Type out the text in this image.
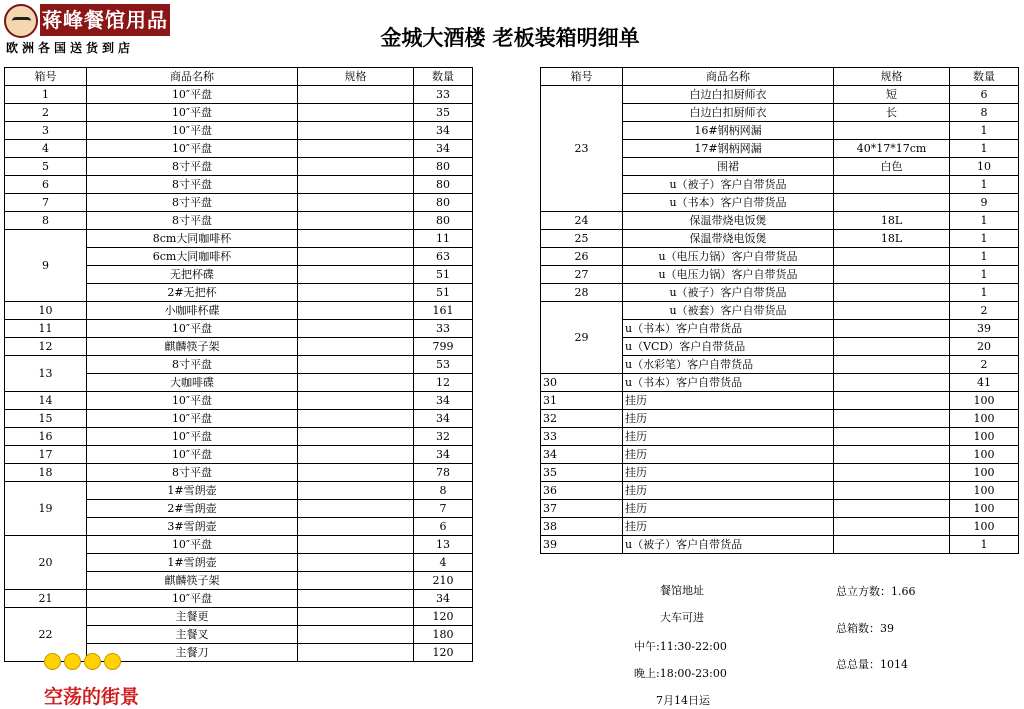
蒋峰餐馆用品
欧洲各国送货到店	金城大酒楼 老板装箱明细单
箱号	商品名称	规格	数量
1	10″平盘		33
2	10″平盘		35
3	10″平盘		34
4	10″平盘		34
5	8寸平盘		80
6	8寸平盘		80
7	8寸平盘		80
8	8寸平盘		80
9	8cm大同咖啡杯		11
	6cm大同咖啡杯		63
	无把杯碟		51
	2#无把杯		51
10	小咖啡杯碟		161
11	10″平盘		33
12	麒麟筷子架		799
13	8寸平盘		53
	大咖啡碟		12
14	10″平盘		34
15	10″平盘		34
16	10″平盘		32
17	10″平盘		34
18	8寸平盘		78
19	1#雪朗壶		8
	2#雪朗壶		7
	3#雪朗壶		6
20	10″平盘		13
	1#雪朗壶		4
	麒麟筷子架		210
21	10″平盘		34
22	主餐更		120
	主餐叉		180
	主餐刀		120
箱号	商品名称	规格	数量
23	白边白扣厨师衣	短	6
	白边白扣厨师衣	长	8
	16#钢柄网漏		1
	17#钢柄网漏	40*17*17cm	1
	围裙	白色	10
	u（被子）客户自带货品		1
	u（书本）客户自带货品		9
24	保温带烧电饭煲	18L	1
25	保温带烧电饭煲	18L	1
26	u（电压力锅）客户自带货品		1
27	u（电压力锅）客户自带货品		1
28	u（被子）客户自带货品		1
29	u（被套）客户自带货品		2
	u（书本）客户自带货品		39
	u（VCD）客户自带货品		20
	u（水彩笔）客户自带货品		2
30	u（书本）客户自带货品		41
31	挂历		100
32	挂历		100
33	挂历		100
34	挂历		100
35	挂历		100
36	挂历		100
37	挂历		100
38	挂历		100
39	u（被子）客户自带货品		1
餐馆地址
大车可进
中午:11:30-22:00
晚上:18:00-23:00
7月14日运
总立方数：1.66
总箱数：39
总总量：1014
空荡的街景
